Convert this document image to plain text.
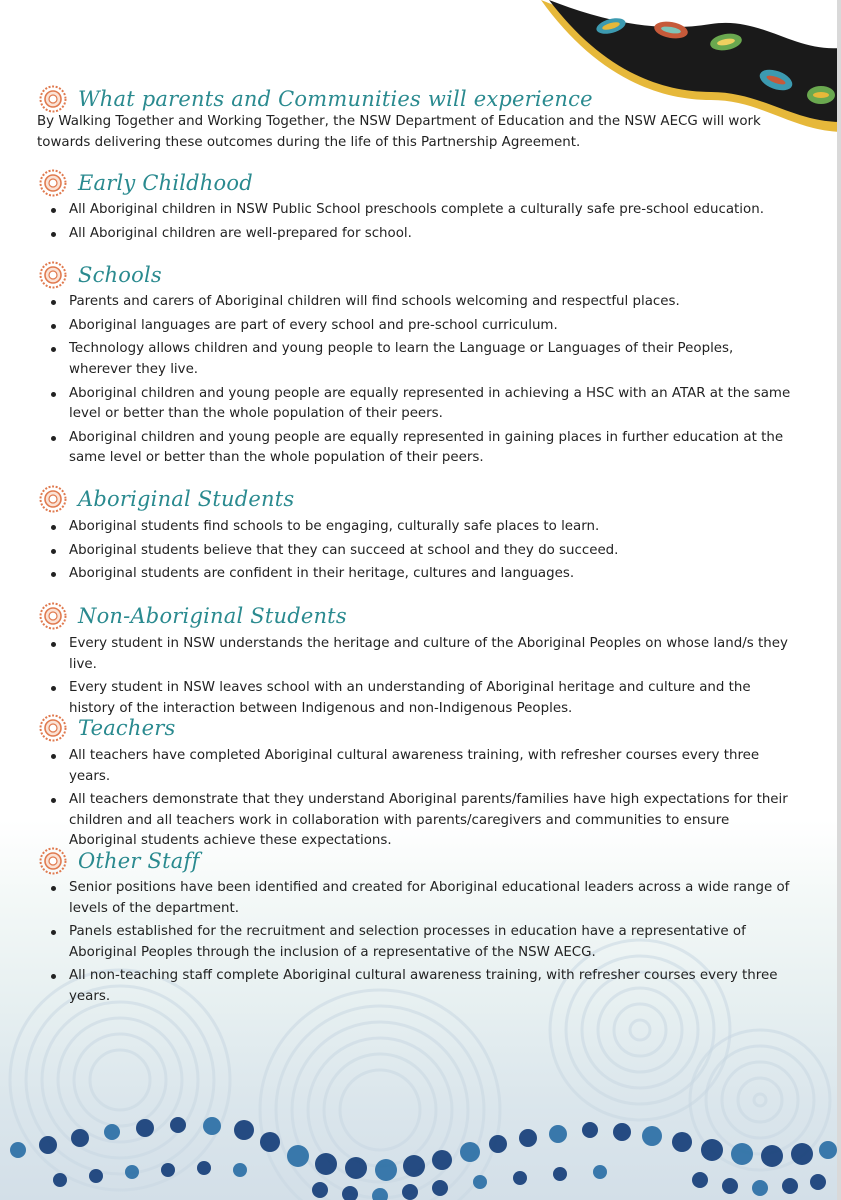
What parents and Communities will experience
By Walking Together and Working Together, the NSW Department of Education and the NSW AECG will work towards delivering these outcomes during the life of this Partnership Agreement.
Early Childhood
All Aboriginal children in NSW Public School preschools complete a culturally safe pre-school education.
All Aboriginal children are well-prepared for school.
Schools
Parents and carers of Aboriginal children will find schools welcoming and respectful places.
Aboriginal languages are part of every school and pre-school curriculum.
Technology allows children and young people to learn the Language or Languages of their Peoples, wherever they live.
Aboriginal children and young people are equally represented in achieving a HSC with an ATAR at the same level or better than the whole population of their peers.
Aboriginal children and young people are equally represented in gaining places in further education at the same level or better than the whole population of their peers.
Aboriginal Students
Aboriginal students find schools to be engaging, culturally safe places to learn.
Aboriginal students believe that they can succeed at school and they do succeed.
Aboriginal students are confident in their heritage, cultures and languages.
Non-Aboriginal Students
Every student in NSW understands the heritage and culture of the Aboriginal Peoples on whose land/s they live.
Every student in NSW leaves school with an understanding of Aboriginal heritage and culture and the history of the interaction between Indigenous and non-Indigenous Peoples.
Teachers
All teachers have completed Aboriginal cultural awareness training, with refresher courses every three years.
All teachers demonstrate that they understand Aboriginal parents/families have high expectations for their children and all teachers work in collaboration with parents/caregivers and communities to ensure Aboriginal students achieve these expectations.
Other Staff
Senior positions have been identified and created for Aboriginal educational leaders across a wide range of levels of the department.
Panels established for the recruitment and selection processes in education have a representative of Aboriginal Peoples through the inclusion of a representative of the NSW AECG.
All non-teaching staff complete Aboriginal cultural awareness training, with refresher courses every three years.
